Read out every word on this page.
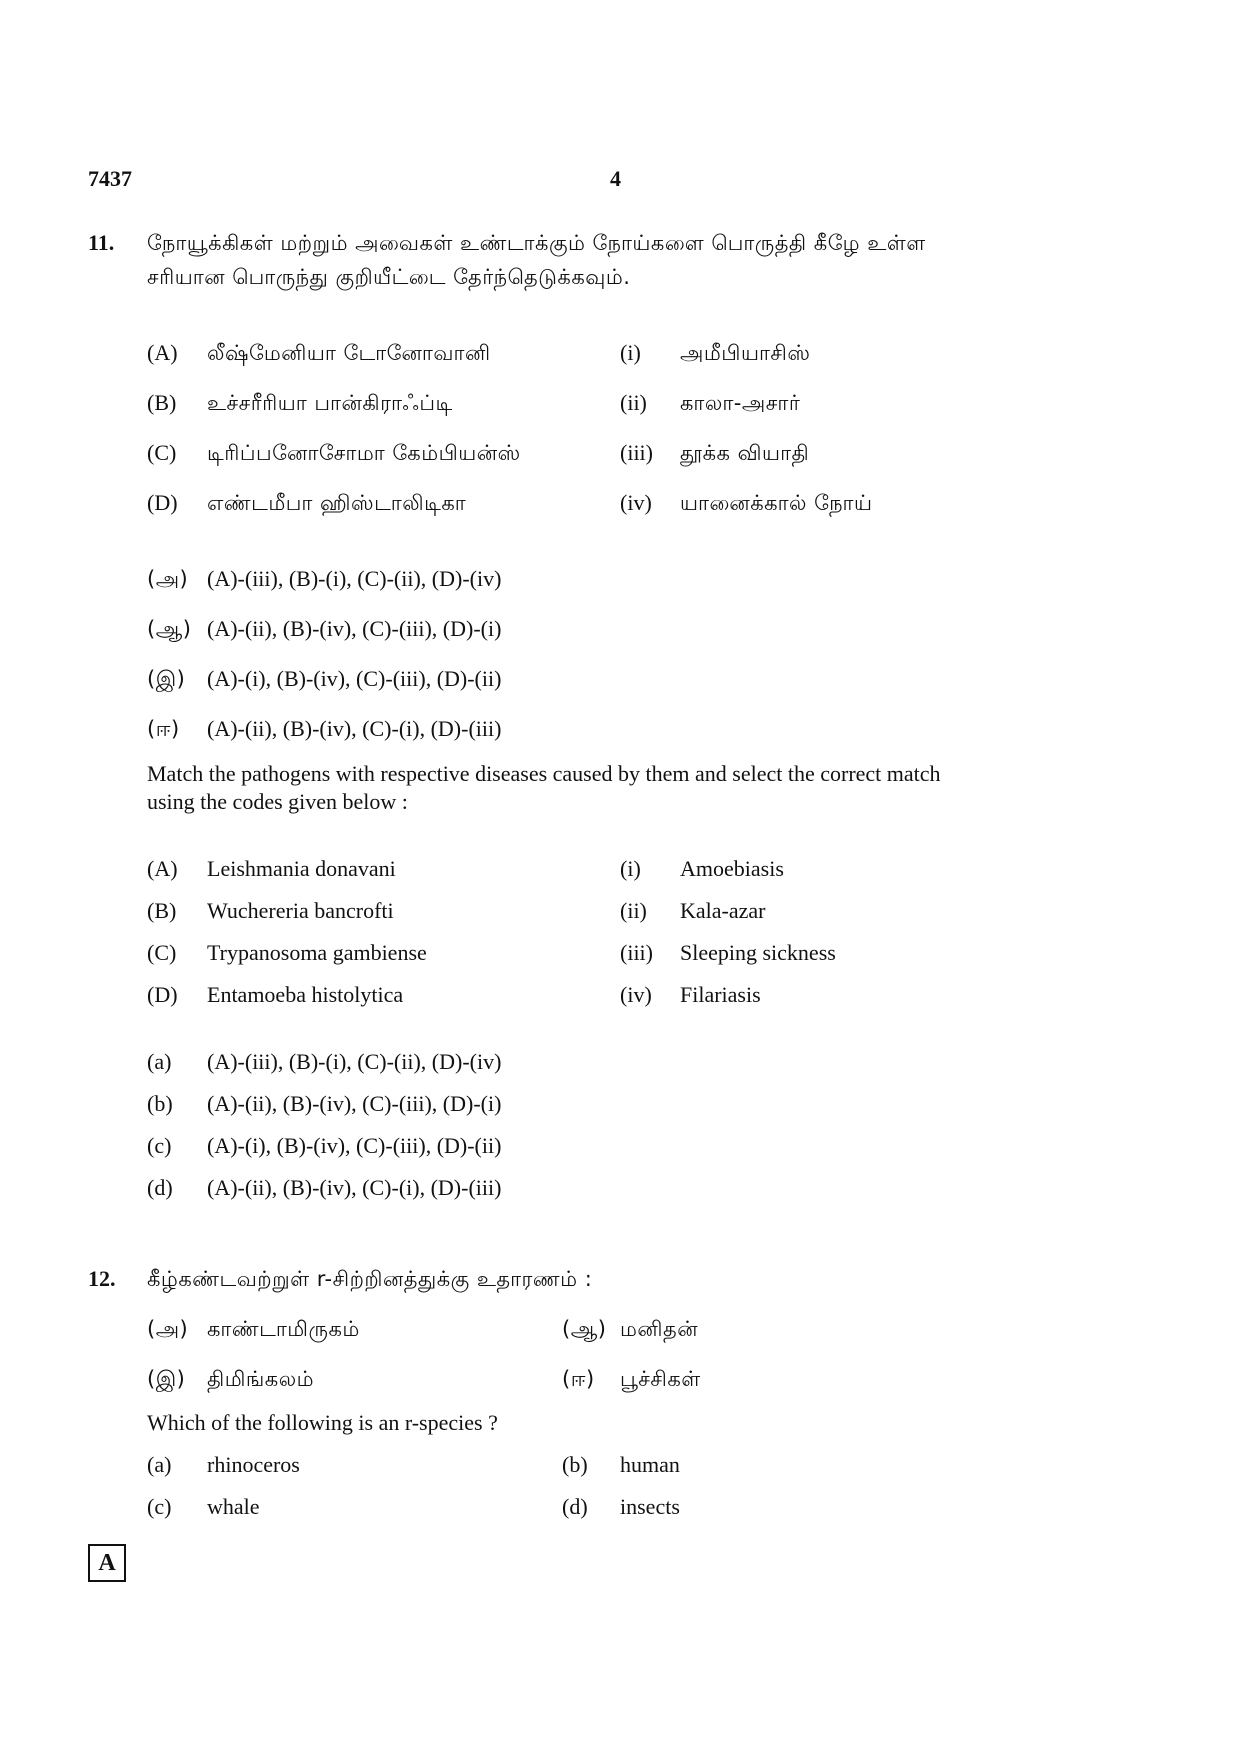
7437	4
11. நோயூக்கிகள் மற்றும் அவைகள் உண்டாக்கும் நோய்களை பொருத்தி கீழே உள்ள
சரியான பொருந்து குறியீட்டை தேர்ந்தெடுக்கவும்.
(A) லீஷ்மேனியா டோனோவானி	(i) அமீபியாசிஸ்
(B) உச்சரீரியா பான்கிராஃப்டி	(ii) காலா-அசார்
(C) டிரிப்பனோசோமா கேம்பியன்ஸ்	(iii) தூக்க வியாதி
(D) எண்டமீபா ஹிஸ்டாலிடிகா	(iv) யானைக்கால் நோய்
(அ) (A)-(iii), (B)-(i), (C)-(ii), (D)-(iv)
(ஆ) (A)-(ii), (B)-(iv), (C)-(iii), (D)-(i)
(இ) (A)-(i), (B)-(iv), (C)-(iii), (D)-(ii)
(ஈ) (A)-(ii), (B)-(iv), (C)-(i), (D)-(iii)
Match the pathogens with respective diseases caused by them and select the correct match
using the codes given below :
(A) Leishmania donavani	(i) Amoebiasis
(B) Wuchereria bancrofti	(ii) Kala-azar
(C) Trypanosoma gambiense	(iii) Sleeping sickness
(D) Entamoeba histolytica	(iv) Filariasis
(a) (A)-(iii), (B)-(i), (C)-(ii), (D)-(iv)
(b) (A)-(ii), (B)-(iv), (C)-(iii), (D)-(i)
(c) (A)-(i), (B)-(iv), (C)-(iii), (D)-(ii)
(d) (A)-(ii), (B)-(iv), (C)-(i), (D)-(iii)
12. கீழ்கண்டவற்றுள் r-சிற்றினத்துக்கு உதாரணம் :
(அ) காண்டாமிருகம்	(ஆ) மனிதன்
(இ) திமிங்கலம்	(ஈ) பூச்சிகள்
Which of the following is an r-species ?
(a) rhinoceros	(b) human
(c) whale	(d) insects
A
